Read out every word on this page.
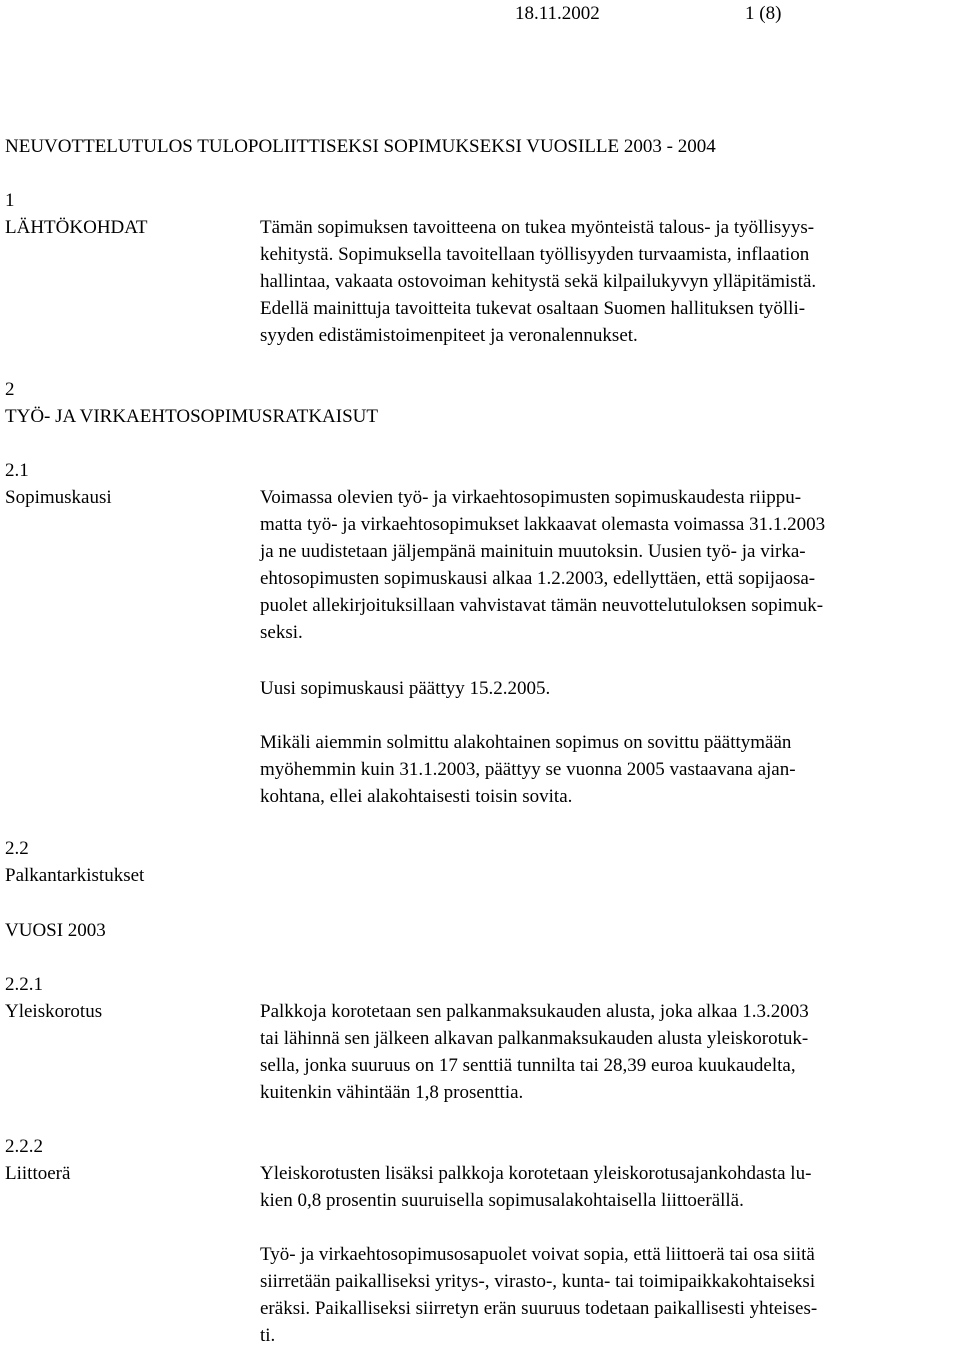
18.11.2002	1 (8)
NEUVOTTELUTULOS TULOPOLIITTISEKSI SOPIMUKSEKSI VUOSILLE 2003 - 2004
1
LÄHTÖKOHDAT	Tämän sopimuksen tavoitteena on tukea myönteistä talous- ja työllisyys-
kehitystä. Sopimuksella tavoitellaan työllisyyden turvaamista, inflaation
hallintaa, vakaata ostovoiman kehitystä sekä kilpailukyvyn ylläpitämistä.
Edellä mainittuja tavoitteita tukevat osaltaan Suomen hallituksen työlli-
syyden edistämistoimenpiteet ja veronalennukset.
2
TYÖ- JA VIRKAEHTOSOPIMUSRATKAISUT
2.1
Sopimuskausi	Voimassa olevien työ- ja virkaehtosopimusten sopimuskaudesta riippu-
matta työ- ja virkaehtosopimukset lakkaavat olemasta voimassa 31.1.2003
ja ne uudistetaan jäljempänä mainituin muutoksin. Uusien työ- ja virka-
ehtosopimusten sopimuskausi alkaa 1.2.2003, edellyttäen, että sopijaosa-
puolet allekirjoituksillaan vahvistavat tämän neuvottelutuloksen sopimuk-
seksi.
Uusi sopimuskausi päättyy 15.2.2005.
Mikäli aiemmin solmittu alakohtainen sopimus on sovittu päättymään
myöhemmin kuin 31.1.2003, päättyy se vuonna 2005 vastaavana ajan-
kohtana, ellei alakohtaisesti toisin sovita.
2.2
Palkantarkistukset
VUOSI 2003
2.2.1
Yleiskorotus	Palkkoja korotetaan sen palkanmaksukauden alusta, joka alkaa 1.3.2003
tai lähinnä sen jälkeen alkavan palkanmaksukauden alusta yleiskorotuk-
sella, jonka suuruus on 17 senttiä tunnilta tai 28,39 euroa kuukaudelta,
kuitenkin vähintään 1,8 prosenttia.
2.2.2
Liittoerä	Yleiskorotusten lisäksi palkkoja korotetaan yleiskorotusajankohdasta lu-
kien 0,8 prosentin suuruisella sopimusalakohtaisella liittoerällä.
Työ- ja virkaehtosopimusosapuolet voivat sopia, että liittoerä tai osa siitä
siirretään paikalliseksi yritys-, virasto-, kunta- tai toimipaikkakohtaiseksi
eräksi. Paikalliseksi siirretyn erän suuruus todetaan paikallisesti yhteises-
ti.
